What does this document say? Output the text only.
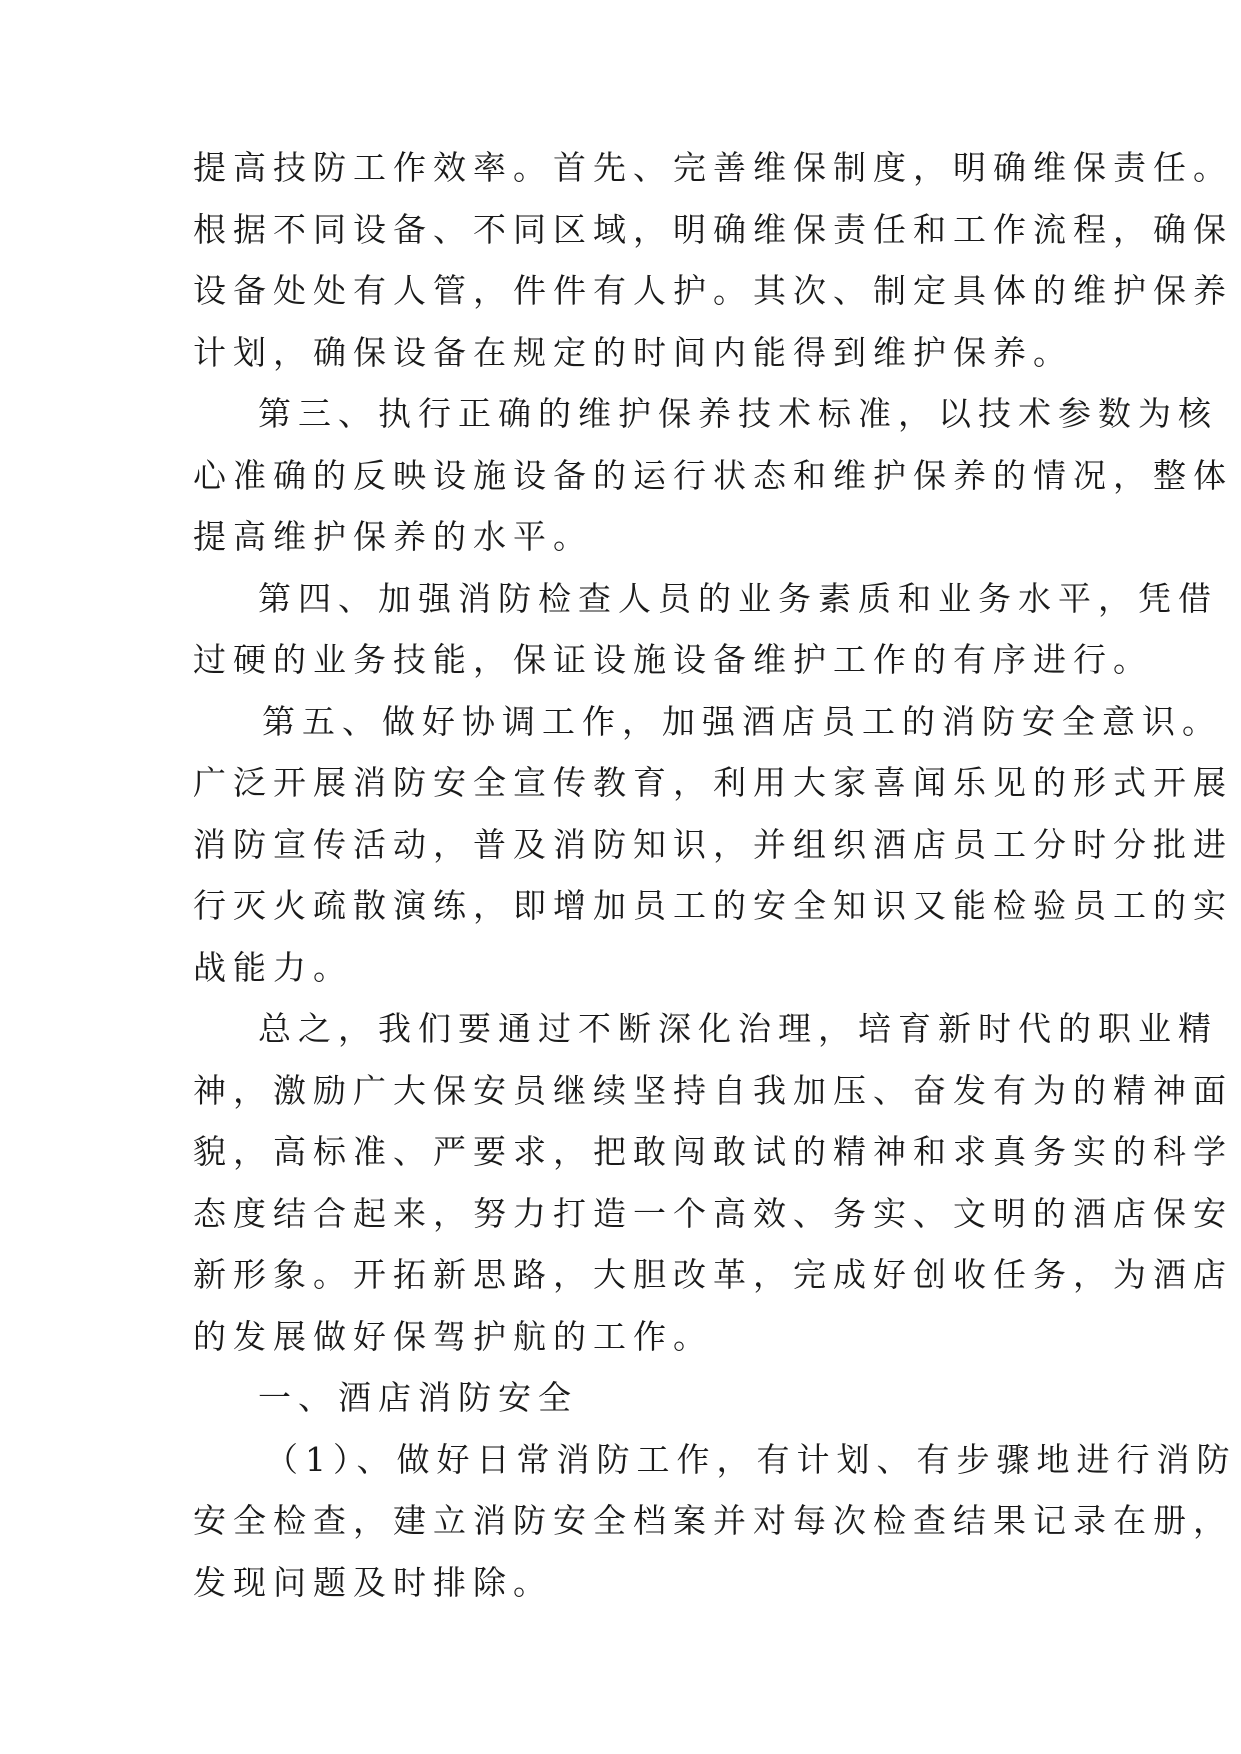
提高技防工作效率。首先、完善维保制度，明确维保责任。

根据不同设备、不同区域，明确维保责任和工作流程，确保

设备处处有人管，件件有人护。其次、制定具体的维护保养

计划，确保设备在规定的时间内能得到维护保养。

第三、执行正确的维护保养技术标准，以技术参数为核

心准确的反映设施设备的运行状态和维护保养的情况，整体

提高维护保养的水平。

第四、加强消防检查人员的业务素质和业务水平，凭借

过硬的业务技能，保证设施设备维护工作的有序进行。

第五、做好协调工作，加强酒店员工的消防安全意识。

广泛开展消防安全宣传教育，利用大家喜闻乐见的形式开展

消防宣传活动，普及消防知识，并组织酒店员工分时分批进

行灭火疏散演练，即增加员工的安全知识又能检验员工的实

战能力。

总之，我们要通过不断深化治理，培育新时代的职业精

神，激励广大保安员继续坚持自我加压、奋发有为的精神面

貌，高标准、严要求，把敢闯敢试的精神和求真务实的科学

态度结合起来，努力打造一个高效、务实、文明的酒店保安

新形象。开拓新思路，大胆改革，完成好创收任务，为酒店

的发展做好保驾护航的工作。

一、酒店消防安全

（1）、做好日常消防工作，有计划、有步骤地进行消防

安全检查，建立消防安全档案并对每次检查结果记录在册，

发现问题及时排除。
